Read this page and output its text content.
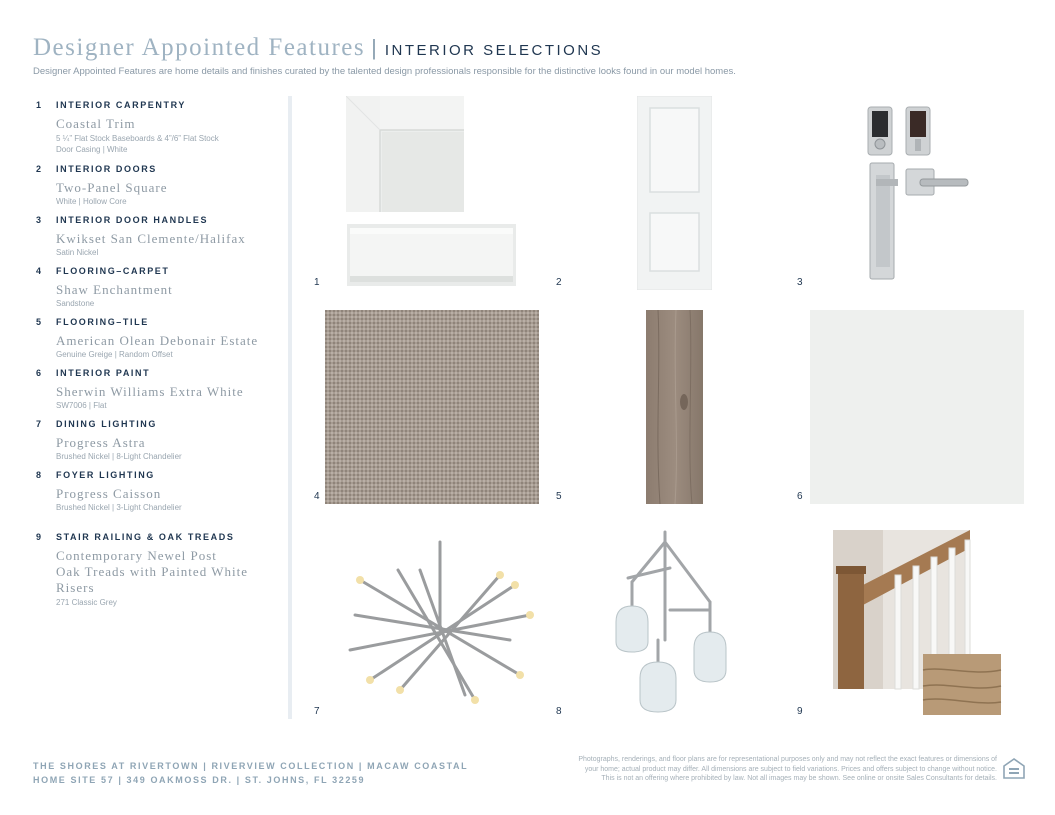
Designer Appointed Features | INTERIOR SELECTIONS
Designer Appointed Features are home details and finishes curated by the talented design professionals responsible for the distinctive looks found in our model homes.
1 INTERIOR CARPENTRY
Coastal Trim
5 ¼” Flat Stock Baseboards & 4”/6” Flat Stock
Door Casing | White
2 INTERIOR DOORS
Two-Panel Square
White | Hollow Core
3 INTERIOR DOOR HANDLES
Kwikset San Clemente/Halifax
Satin Nickel
4 FLOORING–CARPET
Shaw Enchantment
Sandstone
5 FLOORING–TILE
American Olean Debonair Estate
Genuine Greige | Random Offset
6 INTERIOR PAINT
Sherwin Williams Extra White
SW7006 | Flat
7 DINING LIGHTING
Progress Astra
Brushed Nickel | 8-Light Chandelier
8 FOYER LIGHTING
Progress Caisson
Brushed Nickel | 3-Light Chandelier
9 STAIR RAILING & OAK TREADS
Contemporary Newel Post
Oak Treads with Painted White
Risers
271 Classic Grey
1	2	3
4	5	6
7	8	9
THE SHORES AT RIVERTOWN | RIVERVIEW COLLECTION | MACAW COASTAL
HOME SITE 57 | 349 OAKMOSS DR. | ST. JOHNS, FL 32259
Photographs, renderings, and floor plans are for representational purposes only and may not reflect the exact features or dimensions of
your home; actual product may differ. All dimensions are subject to field variations. Prices and offers subject to change without notice.
This is not an offering where prohibited by law. Not all images may be shown. See online or onsite Sales Consultants for details.
